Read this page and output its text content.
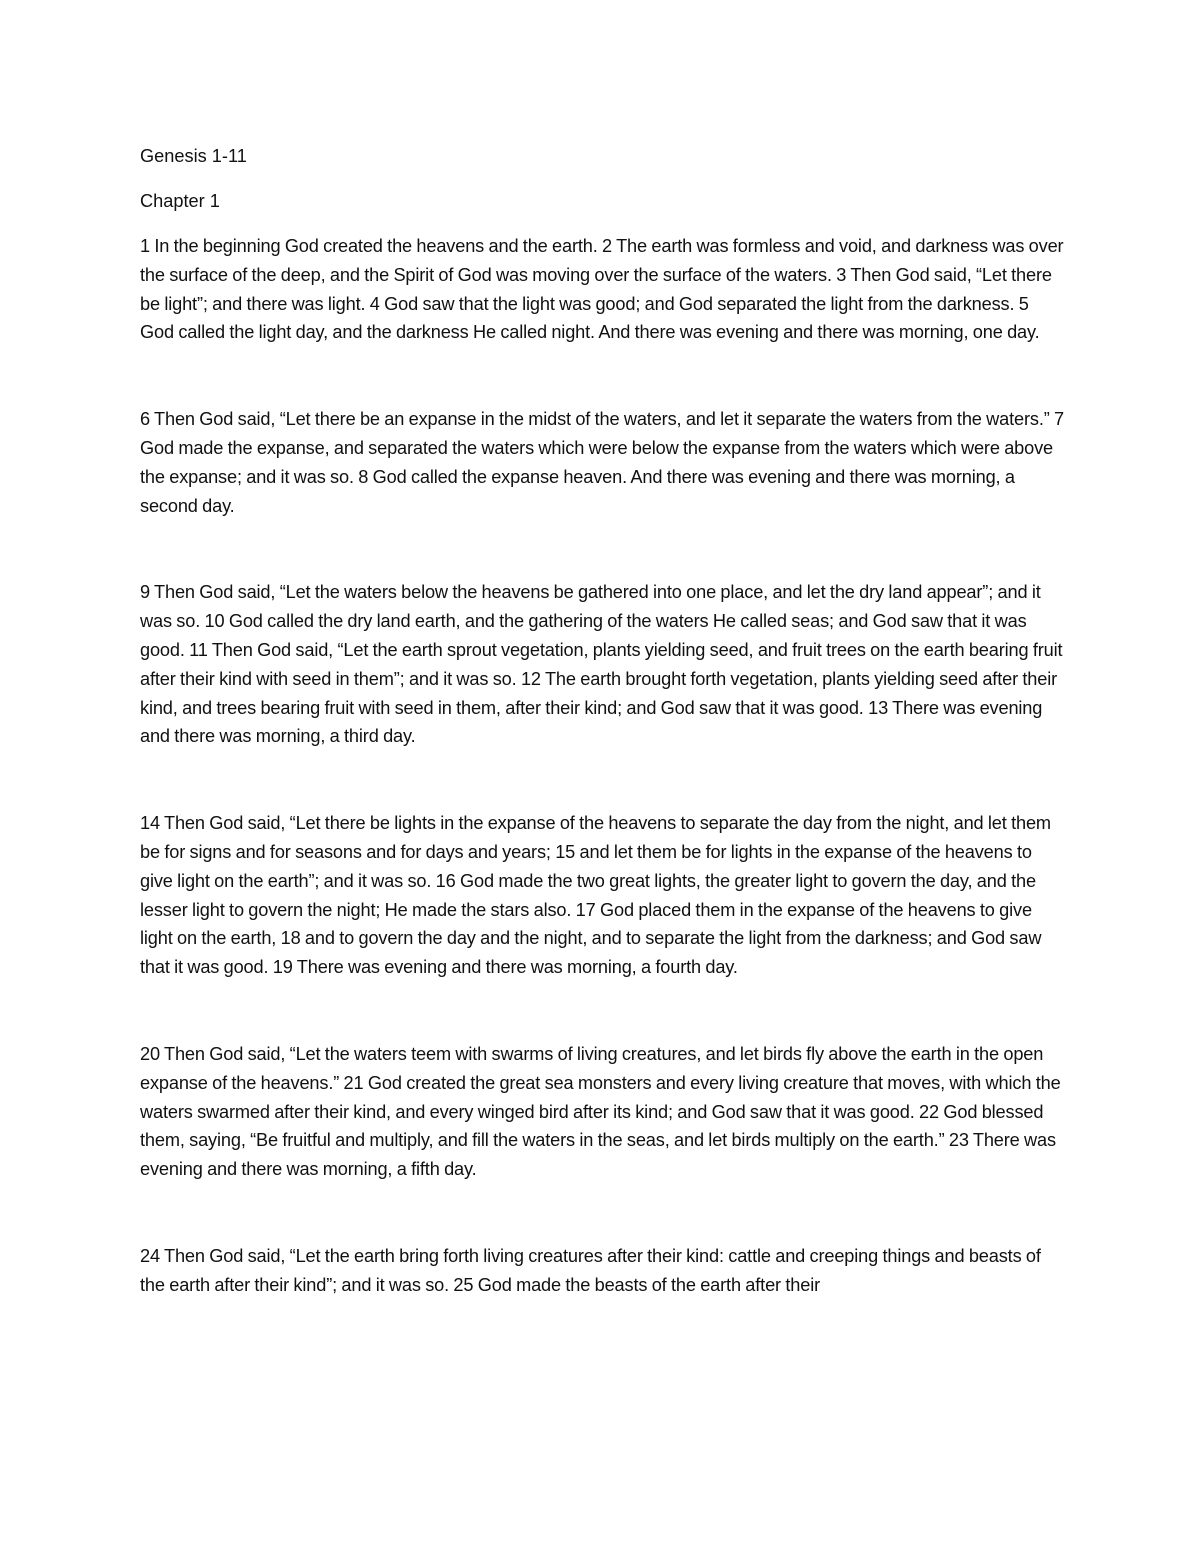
Genesis 1-11

Chapter 1

1 In the beginning God created the heavens and the earth. 2 The earth was formless and void, and darkness was over the surface of the deep, and the Spirit of God was moving over the surface of the waters. 3 Then God said, “Let there be light”; and there was light. 4 God saw that the light was good; and God separated the light from the darkness. 5 God called the light day, and the darkness He called night. And there was evening and there was morning, one day.

6 Then God said, “Let there be an expanse in the midst of the waters, and let it separate the waters from the waters.” 7 God made the expanse, and separated the waters which were below the expanse from the waters which were above the expanse; and it was so. 8 God called the expanse heaven. And there was evening and there was morning, a second day.

9 Then God said, “Let the waters below the heavens be gathered into one place, and let the dry land appear”; and it was so. 10 God called the dry land earth, and the gathering of the waters He called seas; and God saw that it was good. 11 Then God said, “Let the earth sprout vegetation, plants yielding seed, and fruit trees on the earth bearing fruit after their kind with seed in them”; and it was so. 12 The earth brought forth vegetation, plants yielding seed after their kind, and trees bearing fruit with seed in them, after their kind; and God saw that it was good. 13 There was evening and there was morning, a third day.

14 Then God said, “Let there be lights in the expanse of the heavens to separate the day from the night, and let them be for signs and for seasons and for days and years; 15 and let them be for lights in the expanse of the heavens to give light on the earth”; and it was so. 16 God made the two great lights, the greater light to govern the day, and the lesser light to govern the night; He made the stars also. 17 God placed them in the expanse of the heavens to give light on the earth, 18 and to govern the day and the night, and to separate the light from the darkness; and God saw that it was good. 19 There was evening and there was morning, a fourth day.

20 Then God said, “Let the waters teem with swarms of living creatures, and let birds fly above the earth in the open expanse of the heavens.” 21 God created the great sea monsters and every living creature that moves, with which the waters swarmed after their kind, and every winged bird after its kind; and God saw that it was good. 22 God blessed them, saying, “Be fruitful and multiply, and fill the waters in the seas, and let birds multiply on the earth.” 23 There was evening and there was morning, a fifth day.

24 Then God said, “Let the earth bring forth living creatures after their kind: cattle and creeping things and beasts of the earth after their kind”; and it was so. 25 God made the beasts of the earth after their
